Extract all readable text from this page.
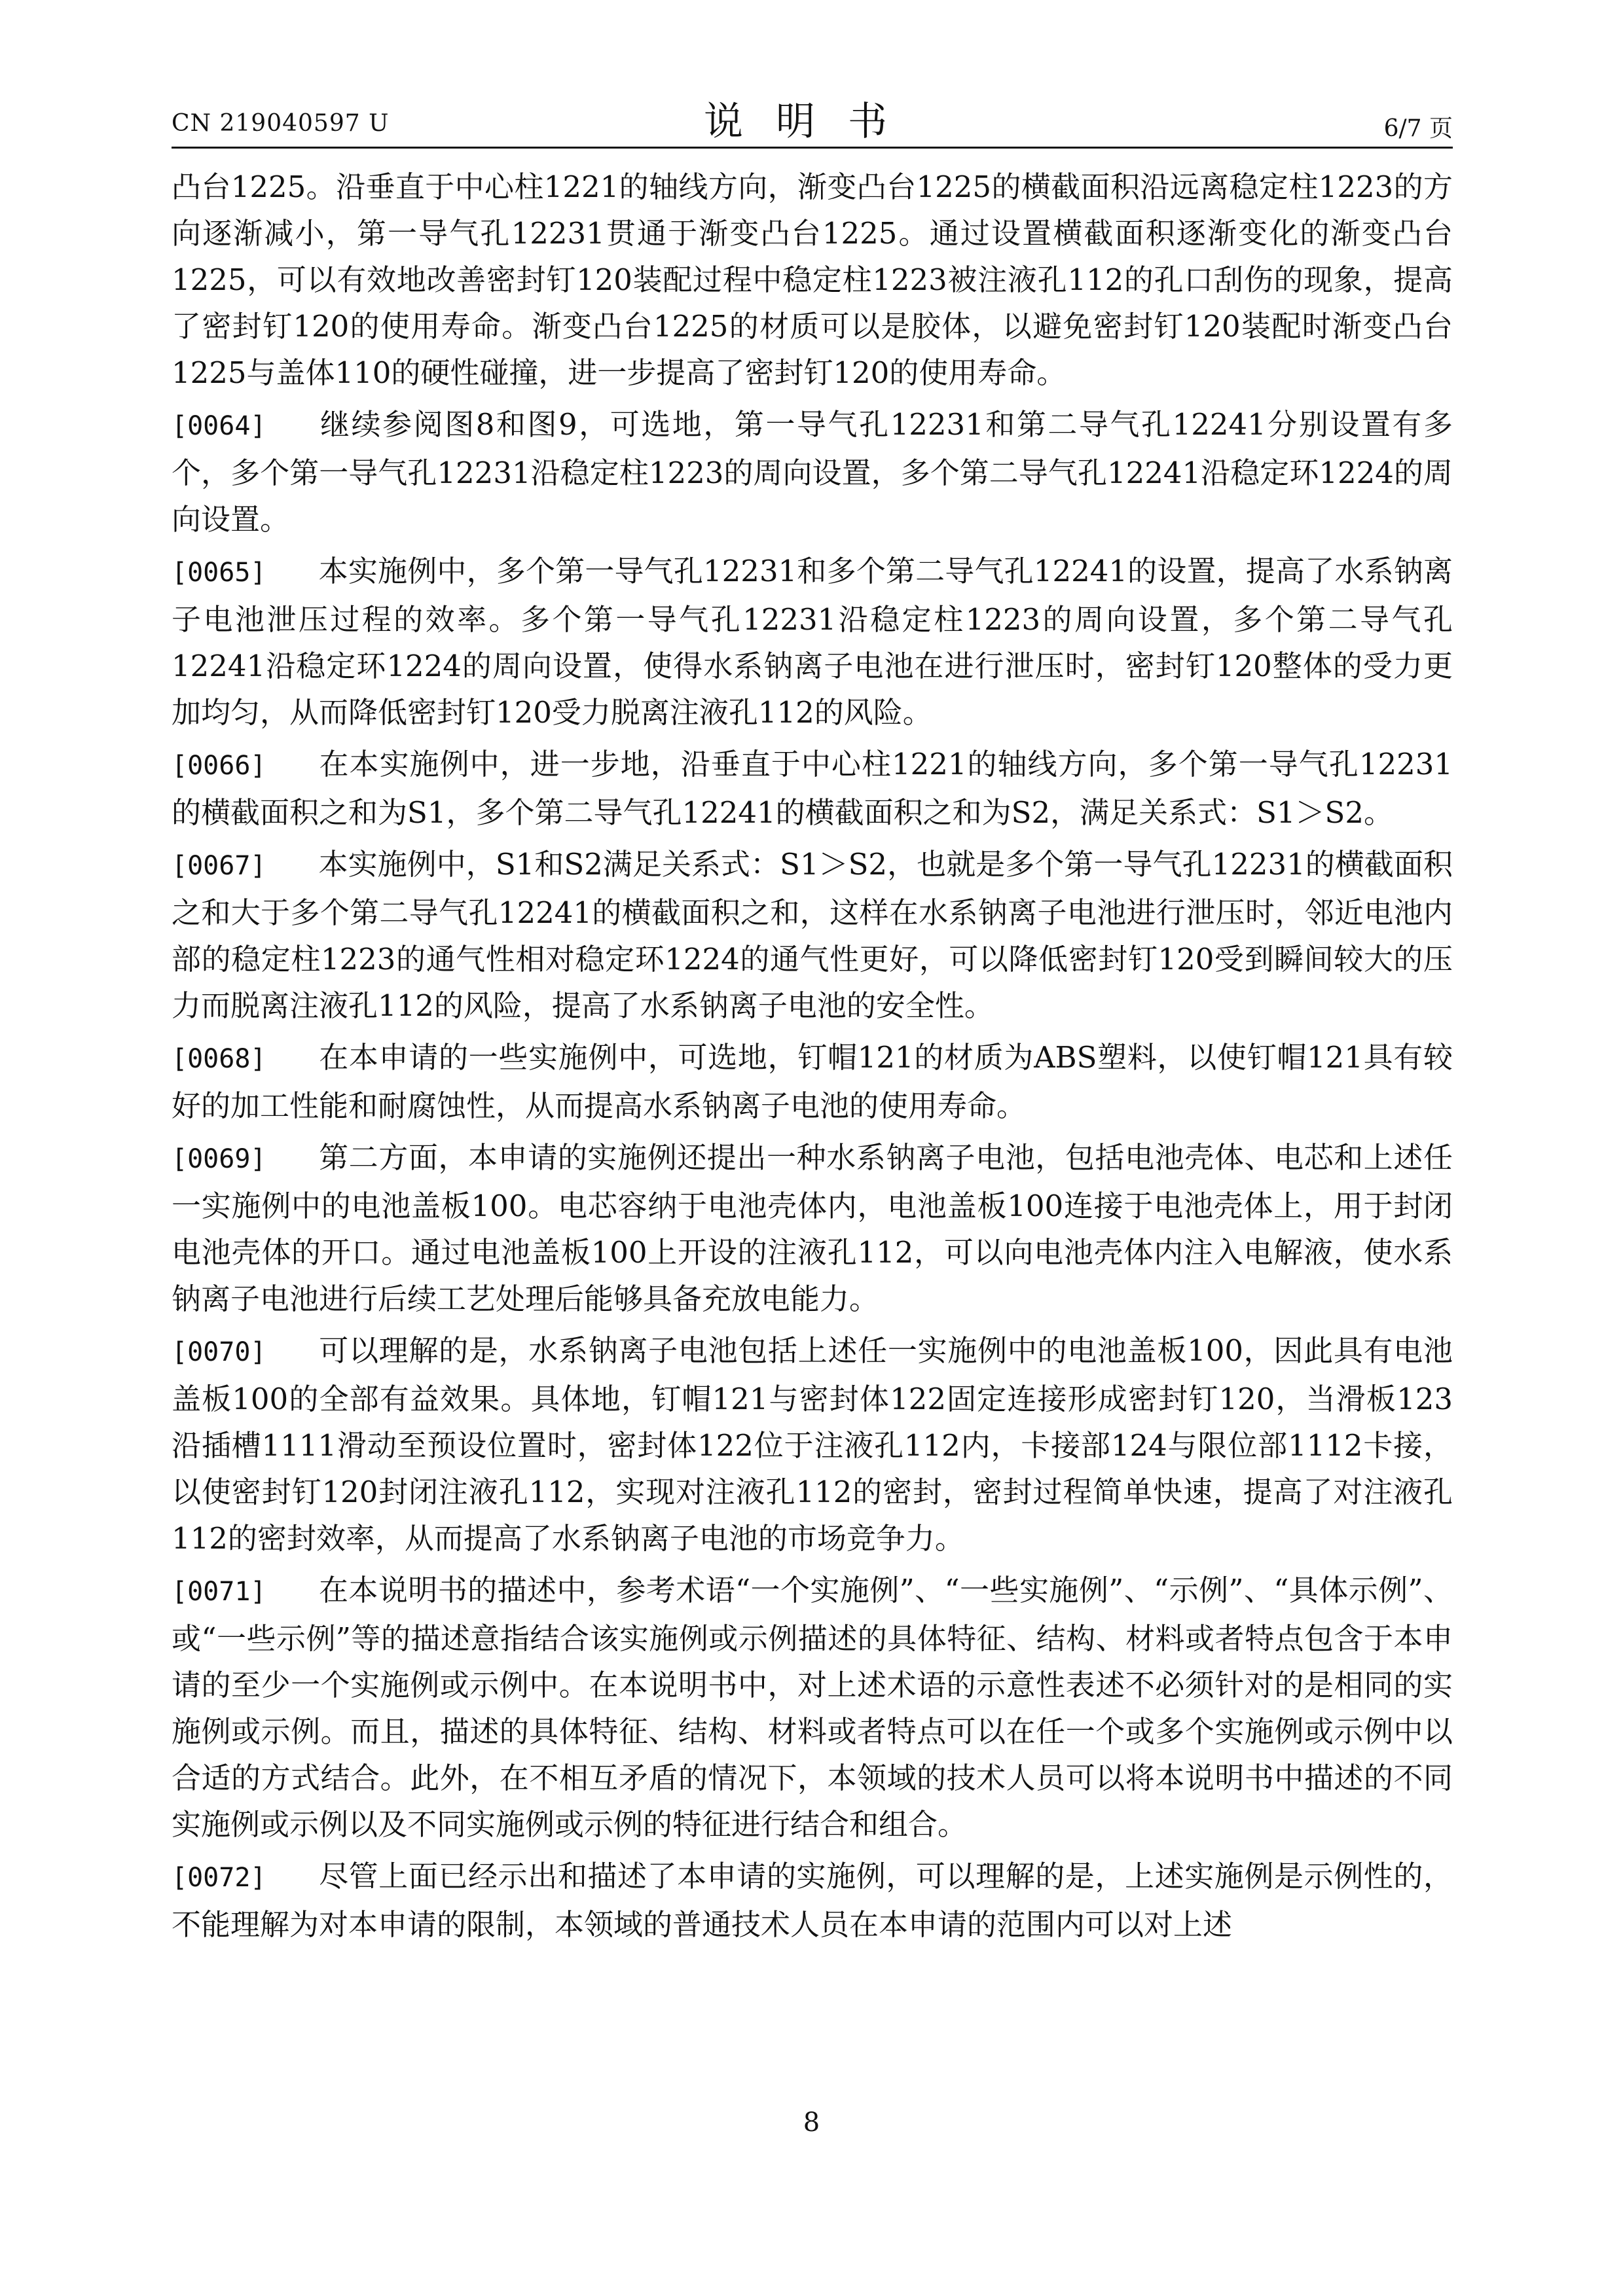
CN 219040597 U	说明书	6/7 页

凸台1225。沿垂直于中心柱1221的轴线方向，渐变凸台1225的横截面积沿远离稳定柱1223的方向逐渐减小，第一导气孔12231贯通于渐变凸台1225。通过设置横截面积逐渐变化的渐变凸台1225，可以有效地改善密封钉120装配过程中稳定柱1223被注液孔112的孔口刮伤的现象，提高了密封钉120的使用寿命。渐变凸台1225的材质可以是胶体，以避免密封钉120装配时渐变凸台1225与盖体110的硬性碰撞，进一步提高了密封钉120的使用寿命。

[0064] 继续参阅图8和图9，可选地，第一导气孔12231和第二导气孔12241分别设置有多个，多个第一导气孔12231沿稳定柱1223的周向设置，多个第二导气孔12241沿稳定环1224的周向设置。

[0065] 本实施例中，多个第一导气孔12231和多个第二导气孔12241的设置，提高了水系钠离子电池泄压过程的效率。多个第一导气孔12231沿稳定柱1223的周向设置，多个第二导气孔12241沿稳定环1224的周向设置，使得水系钠离子电池在进行泄压时，密封钉120整体的受力更加均匀，从而降低密封钉120受力脱离注液孔112的风险。

[0066] 在本实施例中，进一步地，沿垂直于中心柱1221的轴线方向，多个第一导气孔12231的横截面积之和为S1，多个第二导气孔12241的横截面积之和为S2，满足关系式：S1＞S2。

[0067] 本实施例中，S1和S2满足关系式：S1＞S2，也就是多个第一导气孔12231的横截面积之和大于多个第二导气孔12241的横截面积之和，这样在水系钠离子电池进行泄压时，邻近电池内部的稳定柱1223的通气性相对稳定环1224的通气性更好，可以降低密封钉120受到瞬间较大的压力而脱离注液孔112的风险，提高了水系钠离子电池的安全性。

[0068] 在本申请的一些实施例中，可选地，钉帽121的材质为ABS塑料，以使钉帽121具有较好的加工性能和耐腐蚀性，从而提高水系钠离子电池的使用寿命。

[0069] 第二方面，本申请的实施例还提出一种水系钠离子电池，包括电池壳体、电芯和上述任一实施例中的电池盖板100。电芯容纳于电池壳体内，电池盖板100连接于电池壳体上，用于封闭电池壳体的开口。通过电池盖板100上开设的注液孔112，可以向电池壳体内注入电解液，使水系钠离子电池进行后续工艺处理后能够具备充放电能力。

[0070] 可以理解的是，水系钠离子电池包括上述任一实施例中的电池盖板100，因此具有电池盖板100的全部有益效果。具体地，钉帽121与密封体122固定连接形成密封钉120，当滑板123沿插槽1111滑动至预设位置时，密封体122位于注液孔112内，卡接部124与限位部1112卡接，以使密封钉120封闭注液孔112，实现对注液孔112的密封，密封过程简单快速，提高了对注液孔112的密封效率，从而提高了水系钠离子电池的市场竞争力。

[0071] 在本说明书的描述中，参考术语“一个实施例”、“一些实施例”、“示例”、“具体示例”、或“一些示例”等的描述意指结合该实施例或示例描述的具体特征、结构、材料或者特点包含于本申请的至少一个实施例或示例中。在本说明书中，对上述术语的示意性表述不必须针对的是相同的实施例或示例。而且，描述的具体特征、结构、材料或者特点可以在任一个或多个实施例或示例中以合适的方式结合。此外，在不相互矛盾的情况下，本领域的技术人员可以将本说明书中描述的不同实施例或示例以及不同实施例或示例的特征进行结合和组合。

[0072] 尽管上面已经示出和描述了本申请的实施例，可以理解的是，上述实施例是示例性的，不能理解为对本申请的限制，本领域的普通技术人员在本申请的范围内可以对上述

8
